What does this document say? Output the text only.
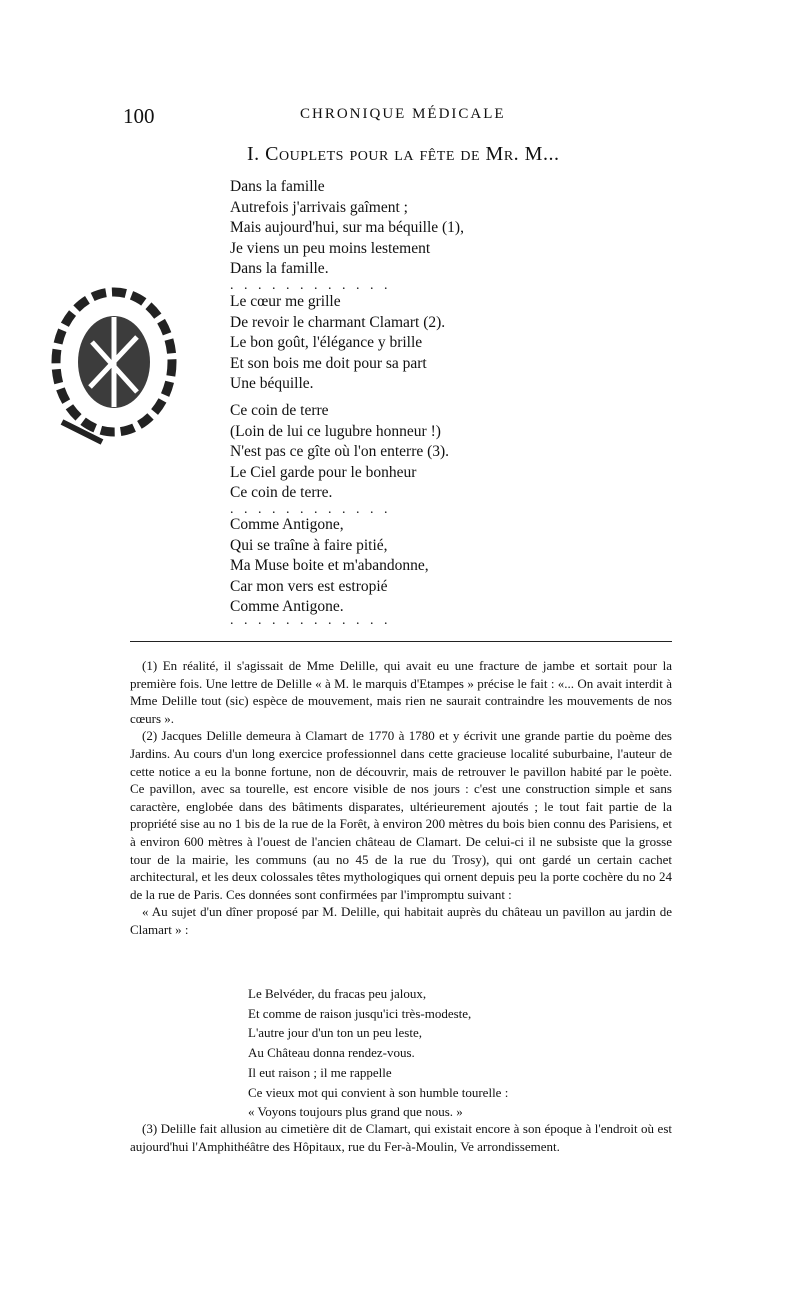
100	CHRONIQUE MÉDICALE
I. Couplets pour la fête de Mr. M...
Dans la famille
Autrefois j'arrivais gaîment ;
Mais aujourd'hui, sur ma béquille (1),
Je viens un peu moins lestement
Dans la famille.
............
Le cœur me grille
De revoir le charmant Clamart (2).
Le bon goût, l'élégance y brille
Et son bois me doit pour sa part
Une béquille.
Ce coin de terre
(Loin de lui ce lugubre honneur !)
N'est pas ce gîte où l'on enterre (3).
Le Ciel garde pour le bonheur
Ce coin de terre.
............
Comme Antigone,
Qui se traîne à faire pitié,
Ma Muse boite et m'abandonne,
Car mon vers est estropié
Comme Antigone.
............

(1) En réalité, il s'agissait de Mme Delille, qui avait eu une fracture de jambe et sortait pour la première fois. Une lettre de Delille « à M. le marquis d'Etampes » précise le fait : «... On avait interdit à Mme Delille tout (sic) espèce de mouvement, mais rien ne saurait contraindre les mouvements de nos cœurs ».

(2) Jacques Delille demeura à Clamart de 1770 à 1780 et y écrivit une grande partie du poème des Jardins. Au cours d'un long exercice professionnel dans cette gracieuse localité suburbaine, l'auteur de cette notice a eu la bonne fortune, non de découvrir, mais de retrouver le pavillon habité par le poète. Ce pavillon, avec sa tourelle, est encore visible de nos jours : c'est une construction simple et sans caractère, englobée dans des bâtiments disparates, ultérieurement ajoutés ; le tout fait partie de la propriété sise au no 1 bis de la rue de la Forêt, à environ 200 mètres du bois bien connu des Parisiens, et à environ 600 mètres à l'ouest de l'ancien château de Clamart. De celui-ci il ne subsiste que la grosse tour de la mairie, les communs (au no 45 de la rue du Trosy), qui ont gardé un certain cachet architectural, et les deux colossales têtes mythologiques qui ornent depuis peu la porte cochère du no 24 de la rue de Paris. Ces données sont confirmées par l'impromptu suivant :

« Au sujet d'un dîner proposé par M. Delille, qui habitait auprès du château un pavillon au jardin de Clamart » :

Le Belvéder, du fracas peu jaloux,
Et comme de raison jusqu'ici très-modeste,
L'autre jour d'un ton un peu leste,
Au Château donna rendez-vous.
Il eut raison ; il me rappelle
Ce vieux mot qui convient à son humble tourelle :
« Voyons toujours plus grand que nous. »

(3) Delille fait allusion au cimetière dit de Clamart, qui existait encore à son époque à l'endroit où est aujourd'hui l'Amphithéâtre des Hôpitaux, rue du Fer-à-Moulin, Ve arrondissement.
